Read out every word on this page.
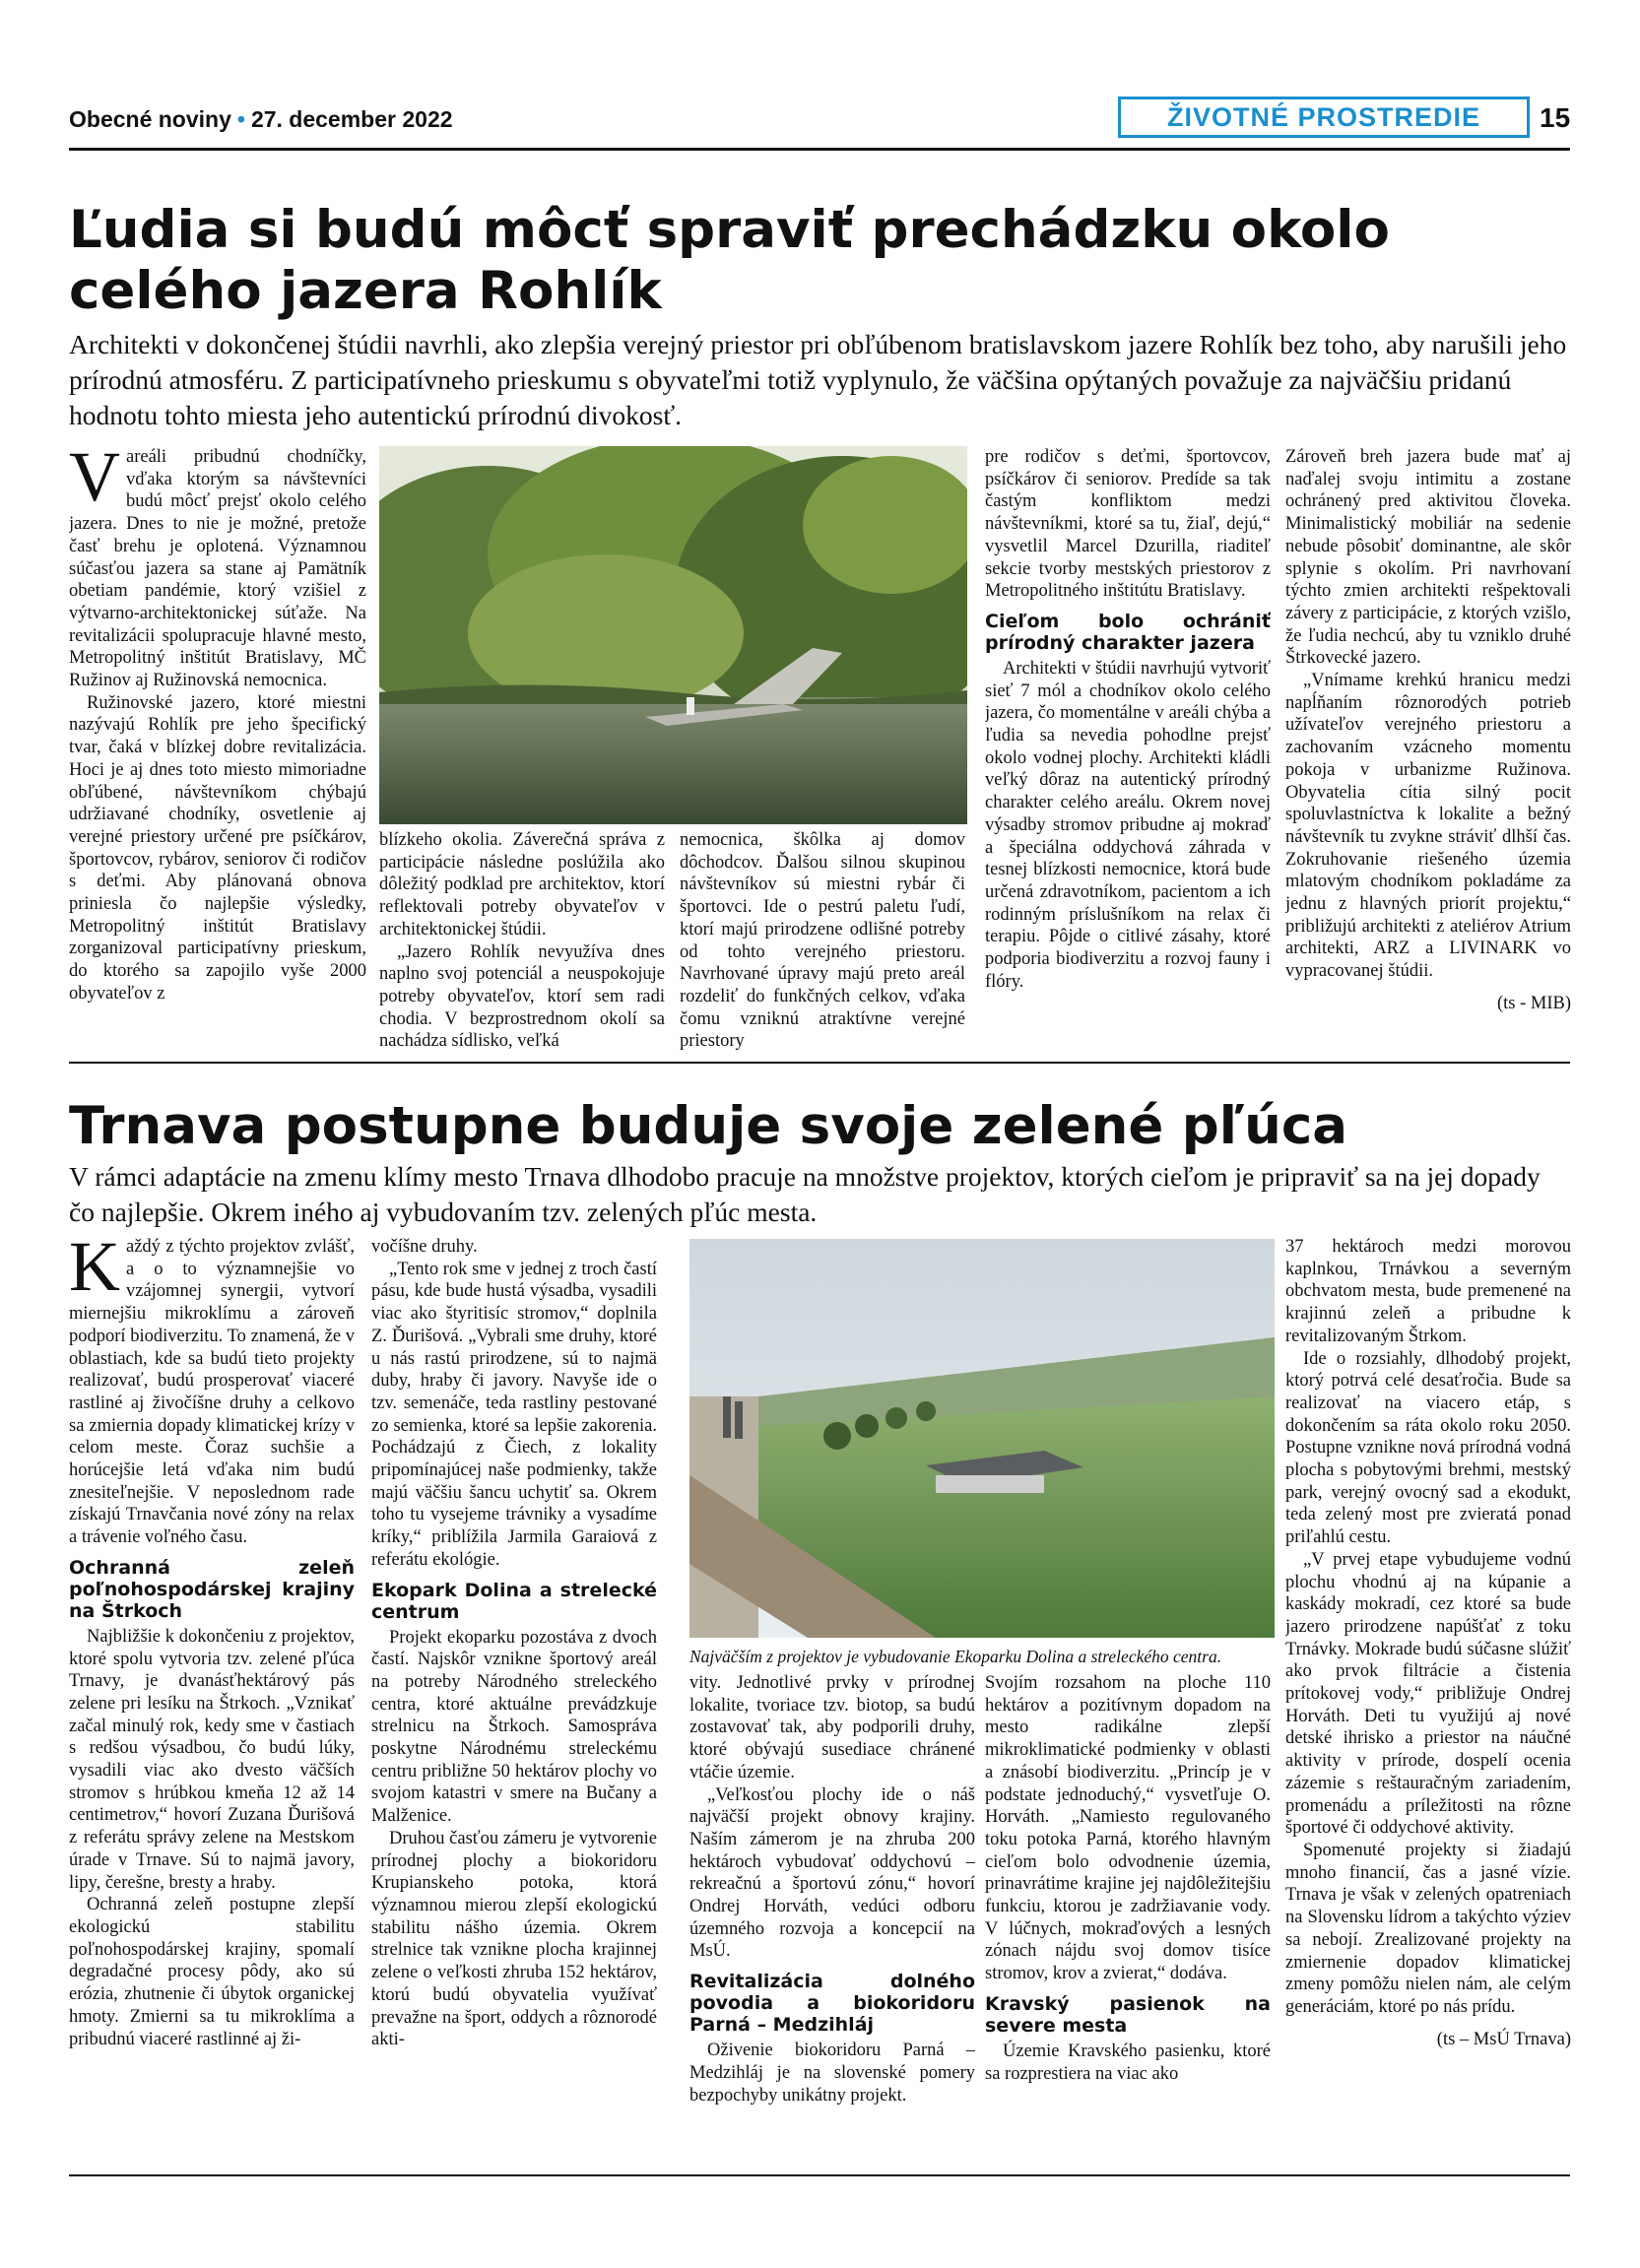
Obecné noviny • 27. december 2022	ŽIVOTNÉ PROSTREDIE	15
Ľudia si budú môcť spraviť prechádzku okolo celého jazera Rohlík

Architekti v dokončenej štúdii navrhli, ako zlepšia verejný priestor pri obľúbenom bratislavskom jazere Rohlík bez toho, aby narušili jeho prírodnú atmosféru. Z participatívneho prieskumu s obyvateľmi totiž vyplynulo, že väčšina opýtaných považuje za najväčšiu pridanú hodnotu tohto miesta jeho autentickú prírodnú divokosť.

Vareáli pribudnú chodníčky, vďaka ktorým sa návštevníci budú môcť prejsť okolo celého jazera. Dnes to nie je možné, pretože časť brehu je oplotená. Významnou súčasťou jazera sa stane aj Pamätník obetiam pandémie, ktorý vzišiel z výtvarno-architektonickej súťaže. Na revitalizácii spolupracuje hlavné mesto, Metropolitný inštitút Bratislavy, MČ Ružinov aj Ružinovská nemocnica.

Ružinovské jazero, ktoré miestni nazývajú Rohlík pre jeho špecifický tvar, čaká v blízkej dobre revitalizácia. Hoci je aj dnes toto miesto mimoriadne obľúbené, návštevníkom chýbajú udržiavané chodníky, osvetlenie aj verejné priestory určené pre psíčkárov, športovcov, rybárov, seniorov či rodičov s deťmi. Aby plánovaná obnova priniesla čo najlepšie výsledky, Metropolitný inštitút Bratislavy zorganizoval participatívny prieskum, do ktorého sa zapojilo vyše 2000 obyvateľov z

blízkeho okolia. Záverečná správa z participácie následne poslúžila ako dôležitý podklad pre architektov, ktorí reflektovali potreby obyvateľov v architektonickej štúdii.

„Jazero Rohlík nevyužíva dnes naplno svoj potenciál a neuspokojuje potreby obyvateľov, ktorí sem radi chodia. V bezprostrednom okolí sa nachádza sídlisko, veľká

nemocnica, škôlka aj domov dôchodcov. Ďalšou silnou skupinou návštevníkov sú miestni rybár či športovci. Ide o pestrú paletu ľudí, ktorí majú prirodzene odlišné potreby od tohto verejného priestoru. Navrhované úpravy majú preto areál rozdeliť do funkčných celkov, vďaka čomu vzniknú atraktívne verejné priestory

pre rodičov s deťmi, športovcov, psíčkárov či seniorov. Predíde sa tak častým konfliktom medzi návštevníkmi, ktoré sa tu, žiaľ, dejú,“ vysvetlil Marcel Dzurilla, riaditeľ sekcie tvorby mestských priestorov z Metropolitného inštitútu Bratislavy.

Cieľom bolo ochrániť prírodný charakter jazera

Architekti v štúdii navrhujú vytvoriť sieť 7 mól a chodníkov okolo celého jazera, čo momentálne v areáli chýba a ľudia sa nevedia pohodlne prejsť okolo vodnej plochy. Architekti kládli veľký dôraz na autentický prírodný charakter celého areálu. Okrem novej výsadby stromov pribudne aj mokraď a špeciálna oddychová záhrada v tesnej blízkosti nemocnice, ktorá bude určená zdravotníkom, pacientom a ich rodinným príslušníkom na relax či terapiu. Pôjde o citlivé zásahy, ktoré podporia biodiverzitu a rozvoj fauny i flóry.

Zároveň breh jazera bude mať aj naďalej svoju intimitu a zostane ochránený pred aktivitou človeka. Minimalistický mobiliár na sedenie nebude pôsobiť dominantne, ale skôr splynie s okolím. Pri navrhovaní týchto zmien architekti rešpektovali závery z participácie, z ktorých vzišlo, že ľudia nechcú, aby tu vzniklo druhé Štrkovecké jazero.

„Vnímame krehkú hranicu medzi napĺňaním rôznorodých potrieb užívateľov verejného priestoru a zachovaním vzácneho momentu pokoja v urbanizme Ružinova. Obyvatelia cítia silný pocit spoluvlastníctva k lokalite a bežný návštevník tu zvykne stráviť dlhší čas. Zokruhovanie riešeného územia mlatovým chodníkom pokladáme za jednu z hlavných priorít projektu,“ približujú architekti z ateliérov Atrium architekti, ARZ a LIVINARK vo vypracovanej štúdii.

(ts - MIB)

Trnava postupne buduje svoje zelené pľúca

V rámci adaptácie na zmenu klímy mesto Trnava dlhodobo pracuje na množstve projektov, ktorých cieľom je pripraviť sa na jej dopady čo najlepšie. Okrem iného aj vybudovaním tzv. zelených pľúc mesta.

Každý z týchto projektov zvlášť, a o to významnejšie vo vzájomnej synergii, vytvorí miernejšiu mikroklímu a zároveň podporí biodiverzitu. To znamená, že v oblastiach, kde sa budú tieto projekty realizovať, budú prosperovať viaceré rastliné aj živočíšne druhy a celkovo sa zmiernia dopady klimatickej krízy v celom meste. Čoraz suchšie a horúcejšie letá vďaka nim budú znesiteľnejšie. V neposlednom rade získajú Trnavčania nové zóny na relax a trávenie voľného času.

Ochranná zeleň poľnohospodárskej krajiny na Štrkoch

Najbližšie k dokončeniu z projektov, ktoré spolu vytvoria tzv. zelené pľúca Trnavy, je dvanásťhektárový pás zelene pri lesíku na Štrkoch. „Vznikať začal minulý rok, kedy sme v častiach s redšou výsadbou, čo budú lúky, vysadili viac ako dvesto väčších stromov s hrúbkou kmeňa 12 až 14 centimetrov,“ hovorí Zuzana Ďurišová z referátu správy zelene na Mestskom úrade v Trnave. Sú to najmä javory, lipy, čerešne, bresty a hraby.

Ochranná zeleň postupne zlepší ekologickú stabilitu poľnohospodárskej krajiny, spomalí degradačné procesy pôdy, ako sú erózia, zhutnenie či úbytok organickej hmoty. Zmierni sa tu mikroklíma a pribudnú viaceré rastlinné aj ži-

vočíšne druhy.

„Tento rok sme v jednej z troch častí pásu, kde bude hustá výsadba, vysadili viac ako štyritisíc stromov,“ doplnila Z. Ďurišová. „Vybrali sme druhy, ktoré u nás rastú prirodzene, sú to najmä duby, hraby či javory. Navyše ide o tzv. semenáče, teda rastliny pestované zo semienka, ktoré sa lepšie zakorenia. Pochádzajú z Čiech, z lokality pripomínajúcej naše podmienky, takže majú väčšiu šancu uchytiť sa. Okrem toho tu vysejeme trávniky a vysadíme kríky,“ priblížila Jarmila Garaiová z referátu ekológie.

Ekopark Dolina a strelecké centrum

Projekt ekoparku pozostáva z dvoch častí. Najskôr vznikne športový areál na potreby Národného streleckého centra, ktoré aktuálne prevádzkuje strelnicu na Štrkoch. Samosprávа poskytne Národnému streleckému centru približne 50 hektárov plochy vo svojom katastri v smere na Bučany a Malženice.

Druhou časťou zámeru je vytvorenie prírodnej plochy a biokoridoru Krupianskeho potoka, ktorá významnou mierou zlepší ekologickú stabilitu nášho územia. Okrem strelnice tak vznikne plocha krajinnej zelene o veľkosti zhruba 152 hektárov, ktorú budú obyvatelia využívať prevažne na šport, oddych a rôznorodé akti-

Najväčším z projektov je vybudovanie Ekoparku Dolina a streleckého centra.

vity. Jednotlivé prvky v prírodnej lokalite, tvoriace tzv. biotop, sa budú zostavovať tak, aby podporili druhy, ktoré obývajú susediace chránené vtáčie územie.

„Veľkosťou plochy ide o náš najväčší projekt obnovy krajiny. Naším zámerom je na zhruba 200 hektároch vybudovať oddychovú – rekreačnú a športovú zónu,“ hovorí Ondrej Horváth, vedúci odboru územného rozvoja a koncepcií na MsÚ.

Revitalizácia dolného povodia a biokoridoru Parná – Medzihláj

Oživenie biokoridoru Parná – Medzihláj je na slovenské pomery bezpochyby unikátny projekt.

Svojím rozsahom na ploche 110 hektárov a pozitívnym dopadom na mesto radikálne zlepší mikroklimatické podmienky v oblasti a znásobí biodiverzitu. „Princíp je v podstate jednoduchý,“ vysvetľuje O. Horváth. „Namiesto regulovaného toku potoka Parná, ktorého hlavným cieľom bolo odvodnenie územia, prinavrátime krajine jej najdôležitejšiu funkciu, ktorou je zadržiavanie vody. V lúčnych, mokraďových a lesných zónach nájdu svoj domov tisíce stromov, krov a zvierat,“ dodáva.

Kravský pasienok na severe mesta

Územie Kravského pasienku, ktoré sa rozprestiera na viac ako

37 hektároch medzi morovou kaplnkou, Trnávkou a severným obchvatom mesta, bude premenené na krajinnú zeleň a pribudne k revitalizovaným Štrkom.

Ide o rozsiahly, dlhodobý projekt, ktorý potrvá celé desaťročia. Bude sa realizovať na viacero etáp, s dokončením sa ráta okolo roku 2050. Postupne vznikne nová prírodná vodná plocha s pobytovými brehmi, mestský park, verejný ovocný sad a ekodukt, teda zelený most pre zvieratá ponad priľahlú cestu.

„V prvej etape vybudujeme vodnú plochu vhodnú aj na kúpanie a kaskády mokradí, cez ktoré sa bude jazero prirodzene napúšťať z toku Trnávky. Mokrade budú súčasne slúžiť ako prvok filtrácie a čistenia prítokovej vody,“ približuje Ondrej Horváth. Deti tu využijú aj nové detské ihrisko a priestor na náučné aktivity v prírode, dospelí ocenia zázemie s reštauračným zariadením, promenádu a príležitosti na rôzne športové či oddychové aktivity.

Spomenuté projekty si žiadajú mnoho financií, čas a jasné vízie. Trnava je však v zelených opatreniach na Slovensku lídrom a takýchto výziev sa nebojí. Zrealizované projekty na zmiernenie dopadov klimatickej zmeny pomôžu nielen nám, ale celým generáciám, ktoré po nás prídu.

(ts – MsÚ Trnava)
